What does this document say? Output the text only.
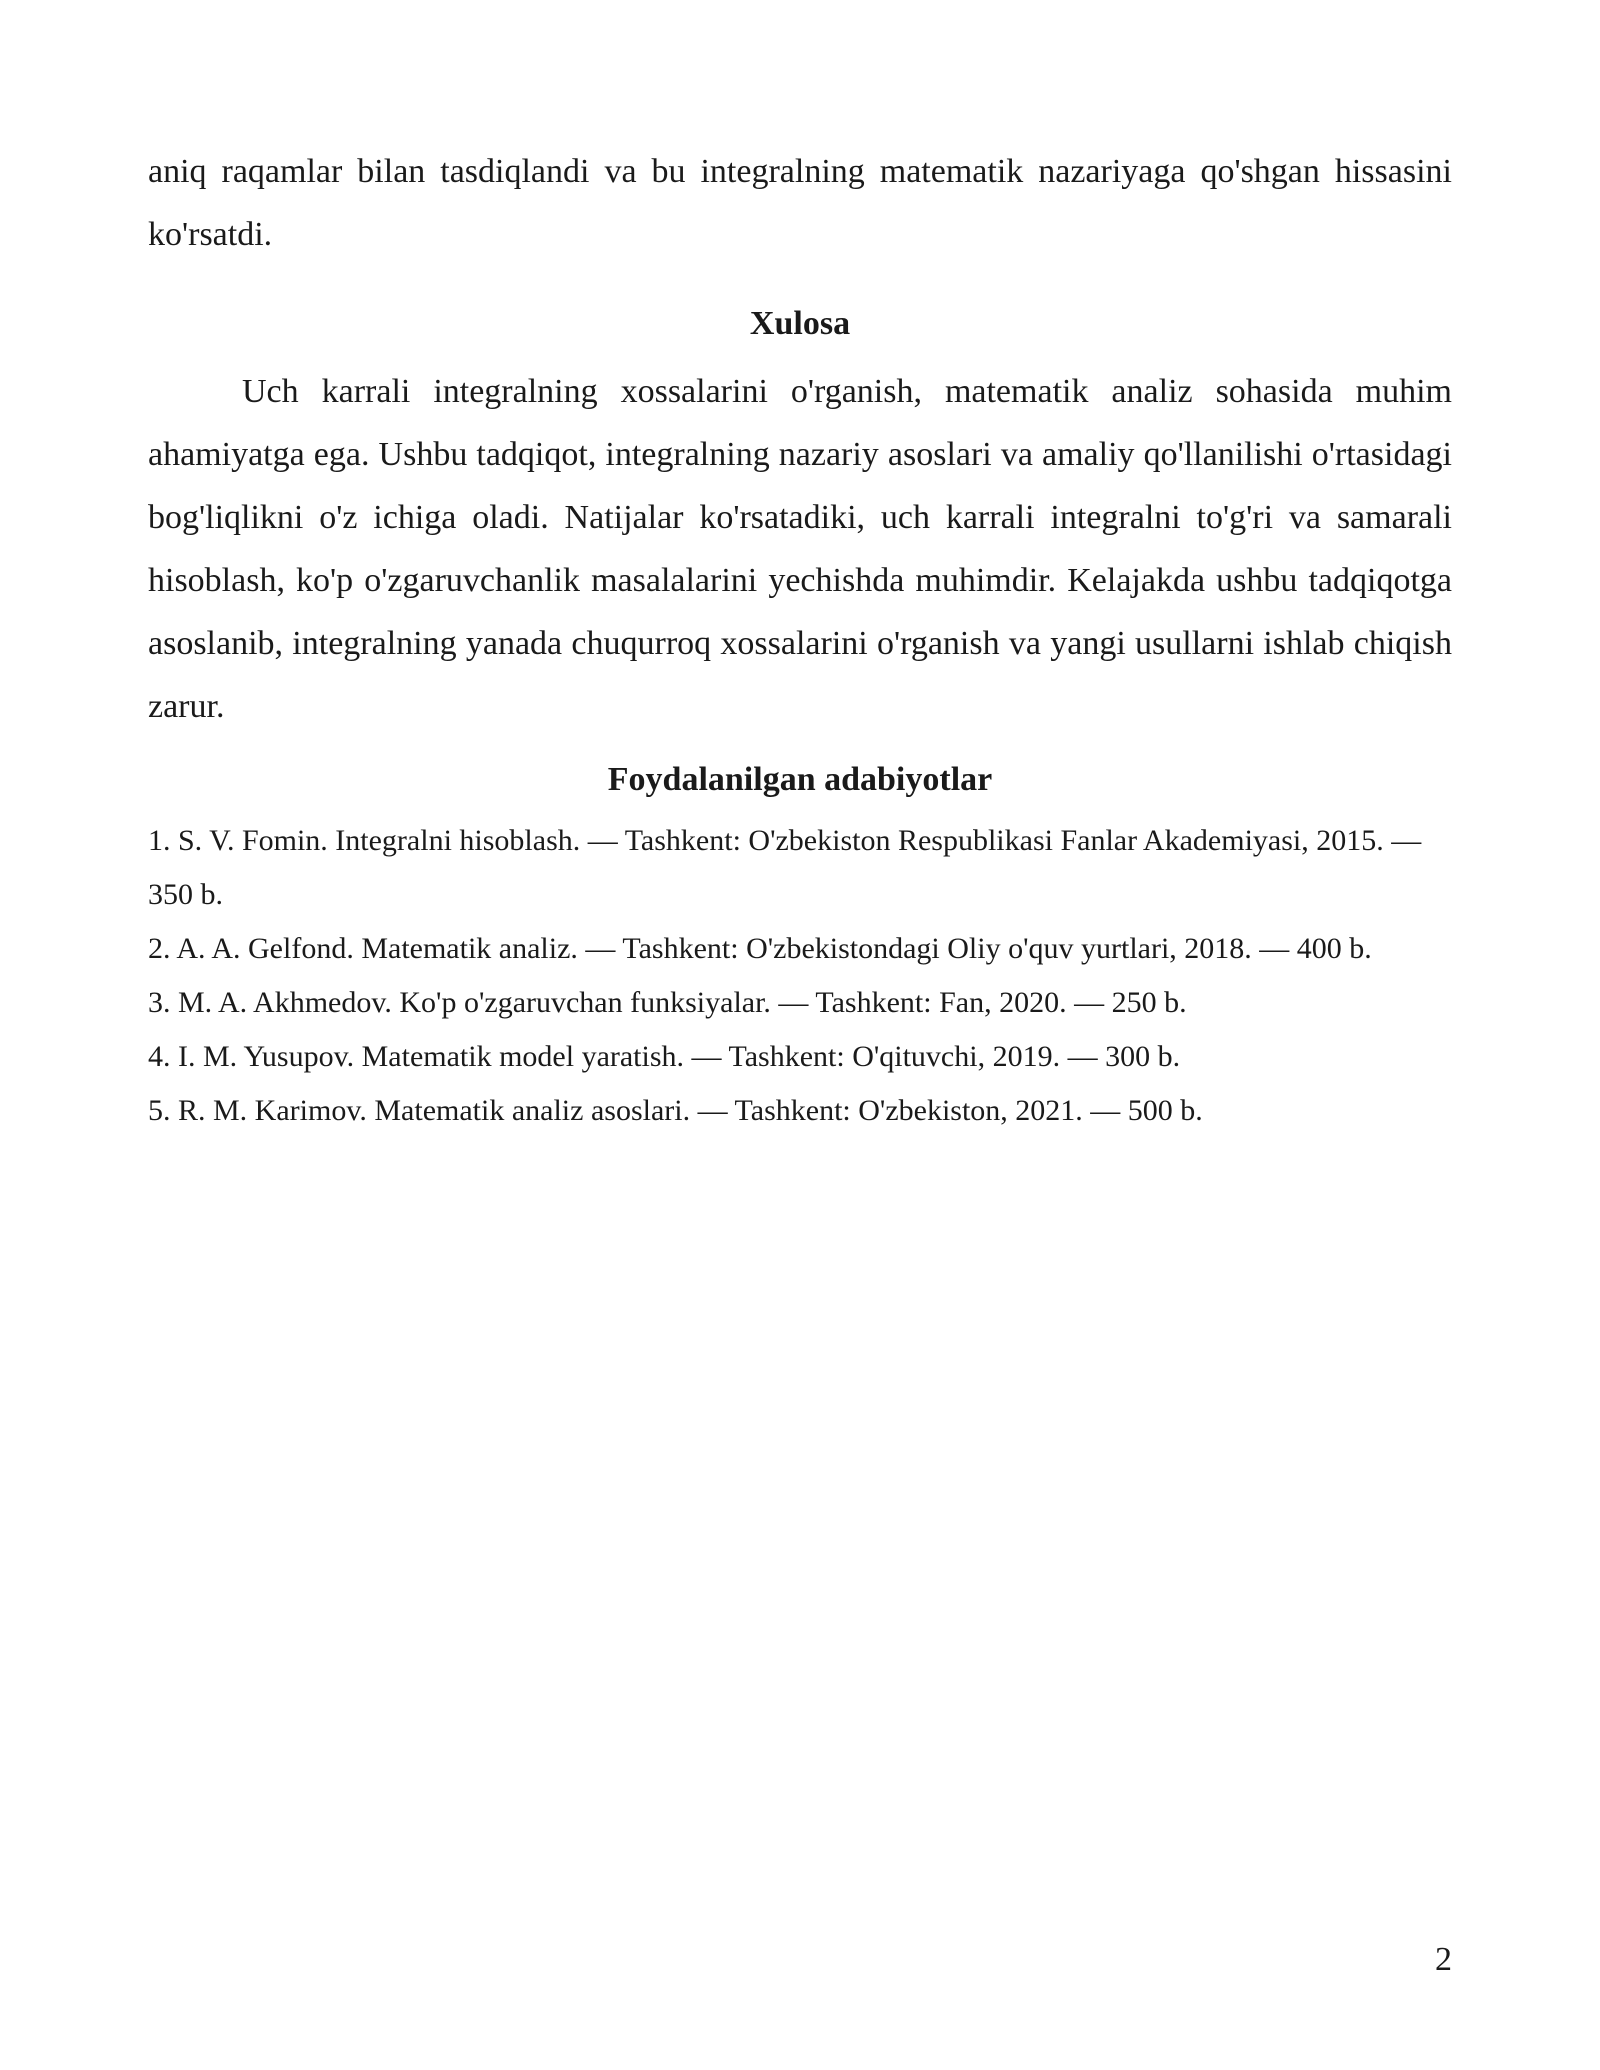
aniq raqamlar bilan tasdiqlandi va bu integralning matematik nazariyaga qo'shgan hissasini ko'rsatdi.

Xulosa

Uch karrali integralning xossalarini o'rganish, matematik analiz sohasida muhim ahamiyatga ega. Ushbu tadqiqot, integralning nazariy asoslari va amaliy qo'llanilishi o'rtasidagi bog'liqlikni o'z ichiga oladi. Natijalar ko'rsatadiki, uch karrali integralni to'g'ri va samarali hisoblash, ko'p o'zgaruvchanlik masalalarini yechishda muhimdir. Kelajakda ushbu tadqiqotga asoslanib, integralning yanada chuqurroq xossalarini o'rganish va yangi usullarni ishlab chiqish zarur.

Foydalanilgan adabiyotlar
1. S. V. Fomin. Integralni hisoblash. — Tashkent: O'zbekiston Respublikasi Fanlar Akademiyasi, 2015. — 350 b.
2. A. A. Gelfond. Matematik analiz. — Tashkent: O'zbekistondagi Oliy o'quv yurtlari, 2018. — 400 b.
3. M. A. Akhmedov. Ko'p o'zgaruvchan funksiyalar. — Tashkent: Fan, 2020. — 250 b.
4. I. M. Yusupov. Matematik model yaratish. — Tashkent: O'qituvchi, 2019. — 300 b.
5. R. M. Karimov. Matematik analiz asoslari. — Tashkent: O'zbekiston, 2021. — 500 b.
2
